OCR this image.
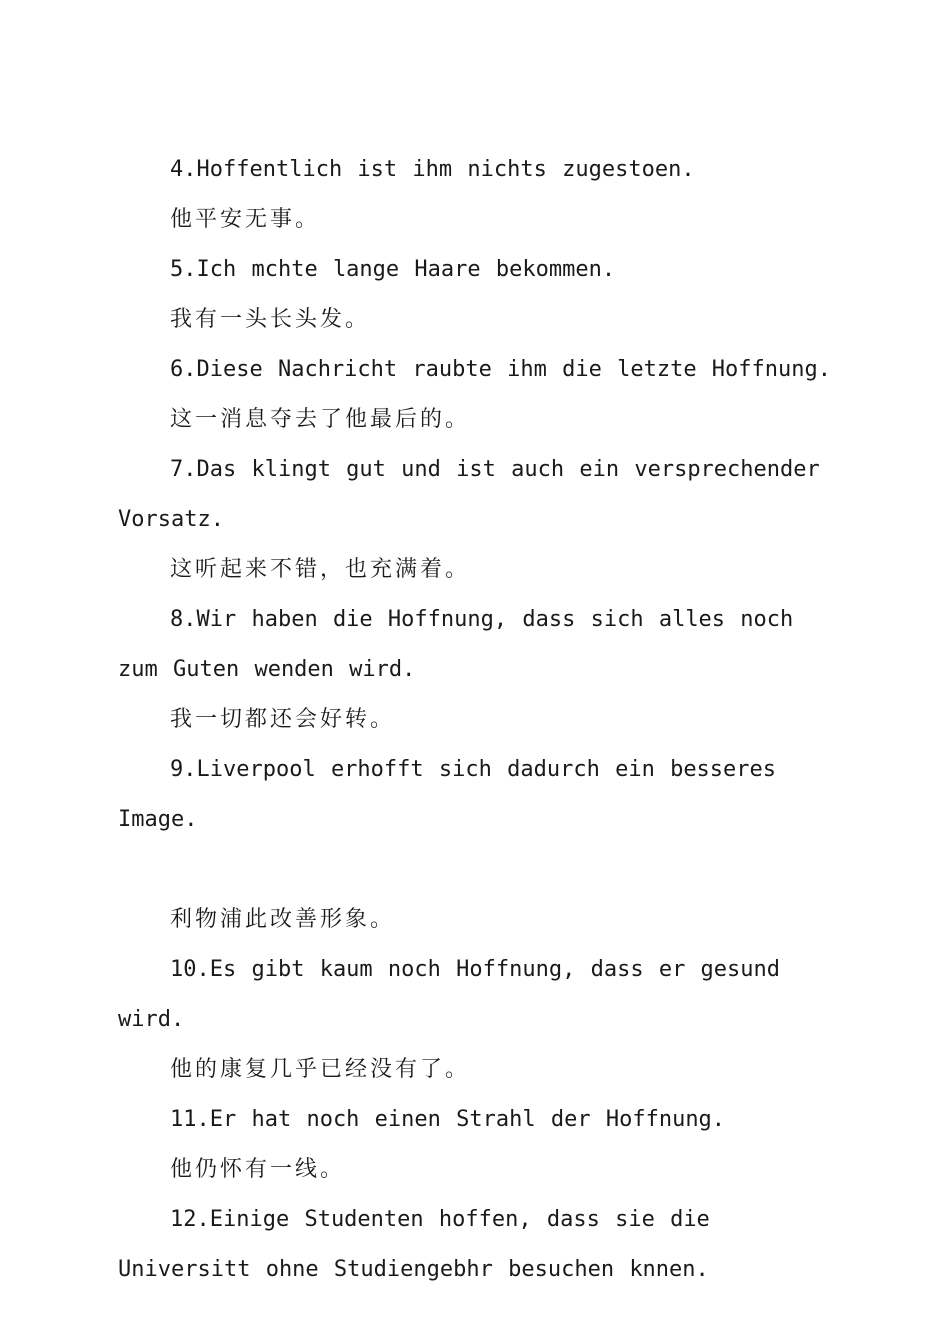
4.Hoffentlich ist ihm nichts zugestoen.

他平安无事。

5.Ich mchte lange Haare bekommen.

我有一头长头发。

6.Diese Nachricht raubte ihm die letzte Hoffnung.

这一消息夺去了他最后的。

7.Das klingt gut und ist auch ein versprechender Vorsatz.

这听起来不错，也充满着。

8.Wir haben die Hoffnung, dass sich alles noch zum Guten wenden wird.

我一切都还会好转。

9.Liverpool erhofft sich dadurch ein besseres Image.

利物浦此改善形象。

10.Es gibt kaum noch Hoffnung, dass er gesund wird.

他的康复几乎已经没有了。

11.Er hat noch einen Strahl der Hoffnung.

他仍怀有一线。

12.Einige Studenten hoffen, dass sie die Universitt ohne Studiengebhr besuchen knnen.
